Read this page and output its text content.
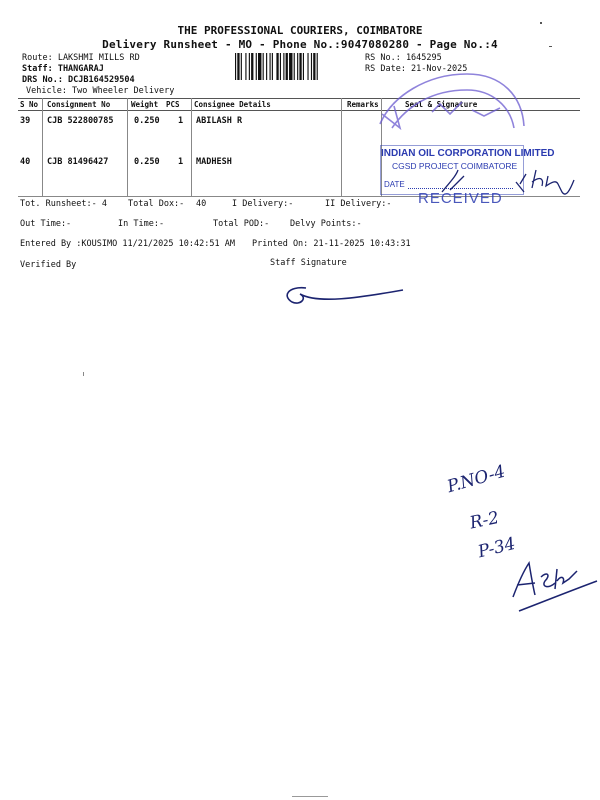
THE PROFESSIONAL COURIERS, COIMBATORE
Delivery Runsheet - MO - Phone No.:9047080280 - Page No.:4
Route: LAKSHMI MILLS RD
Staff: THANGARAJ
DRS No.: DCJB164529504
Vehicle: Two Wheeler Delivery
RS No.: 1645295
RS Date: 21-Nov-2025
S No Consignment No	Weight PCS Consignee Details	Remarks	Seal & Signature
39 CJB 522800785 0.250 1 ABILASH R
40 CJB 81496427	0.250 1 MADHESH
INDIAN OIL CORPORATION LIMITED
CGSD PROJECT COIMBATORE
DATE
RECEIVED
Tot. Runsheet:- 4 Total Dox:- 40	I Delivery:-	II Delivery:-
Out Time:-	In Time:-	Total POD:- Delvy Points:-
Entered By :KOUSIMO 11/21/2025 10:42:51 AM Printed On: 21-11-2025 10:43:31
Verified By	Staff Signature
P.NO-4
R-2
P-34
